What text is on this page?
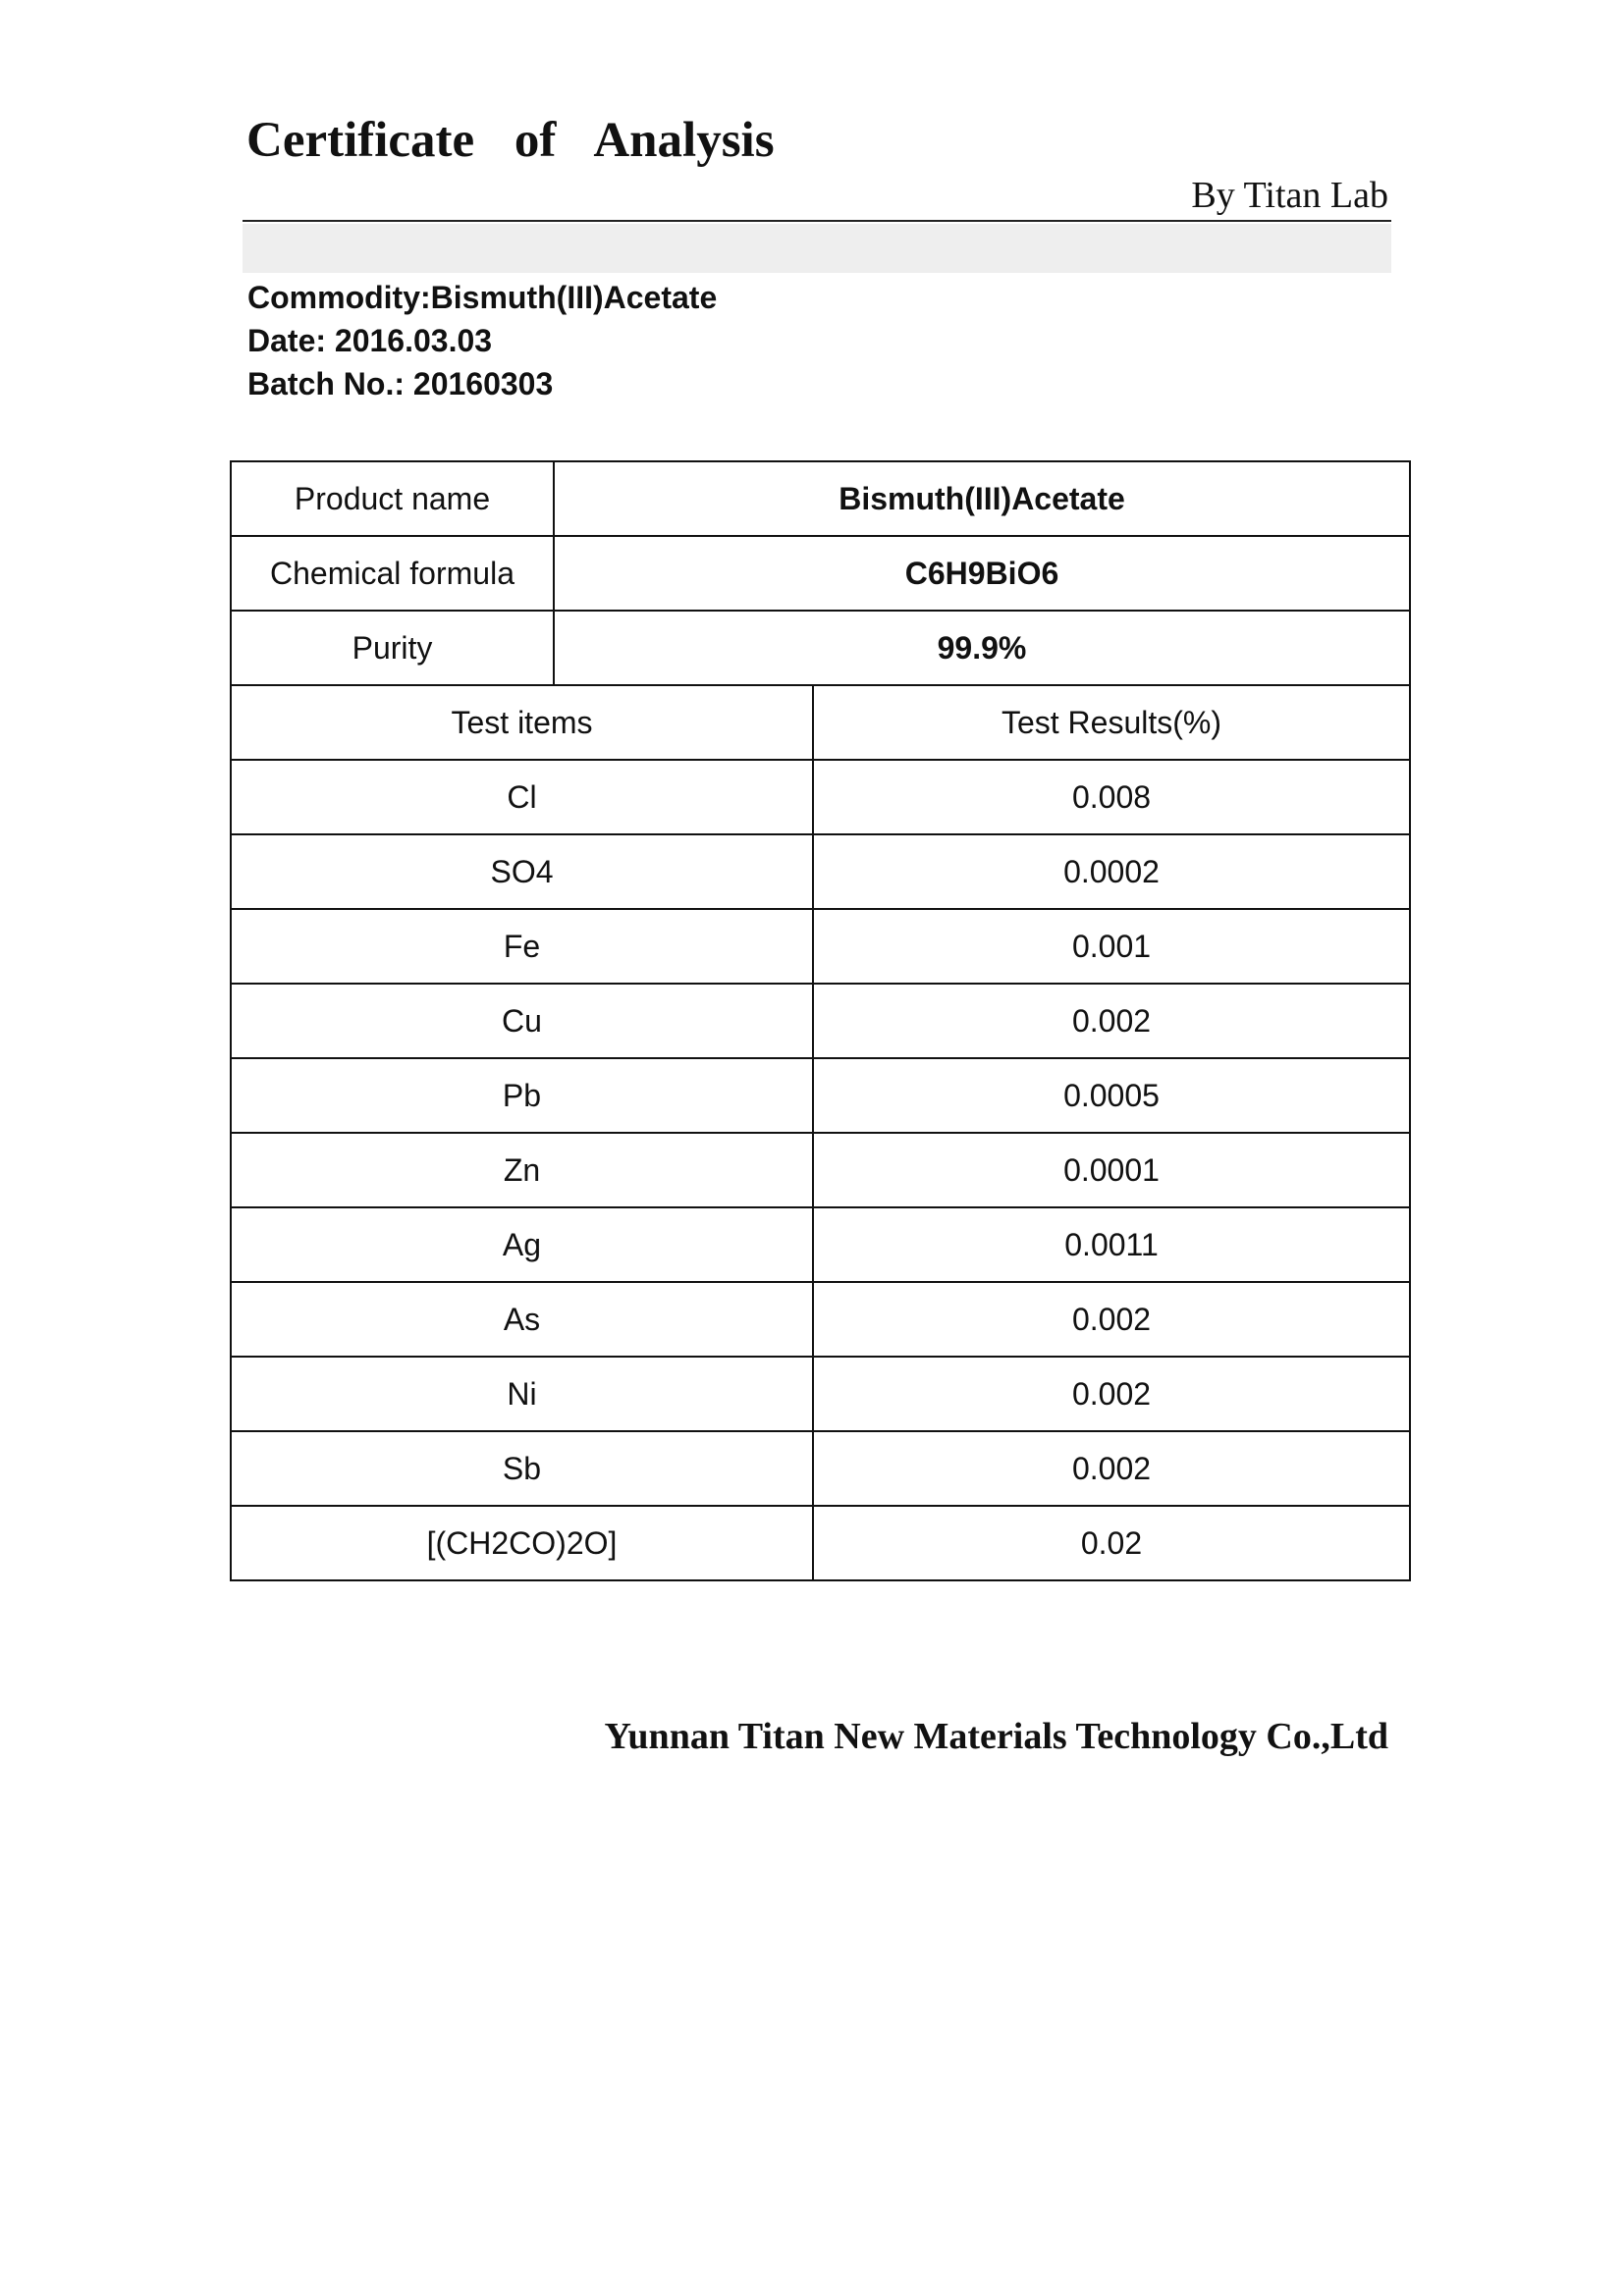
Certificate of Analysis
By Titan Lab
Commodity:Bismuth(III)Acetate
Date: 2016.03.03
Batch No.: 20160303
Product name	Bismuth(III)Acetate	
Chemical formula	C6H9BiO6	
Purity	99.9%	
Test items		Test Results(%)
Cl		0.008
SO4		0.0002
Fe		0.001
Cu		0.002
Pb		0.0005
Zn		0.0001
Ag		0.0011
As		0.002
Ni		0.002
Sb		0.002
[(CH2CO)2O]		0.02
Yunnan Titan New Materials Technology Co.,Ltd
